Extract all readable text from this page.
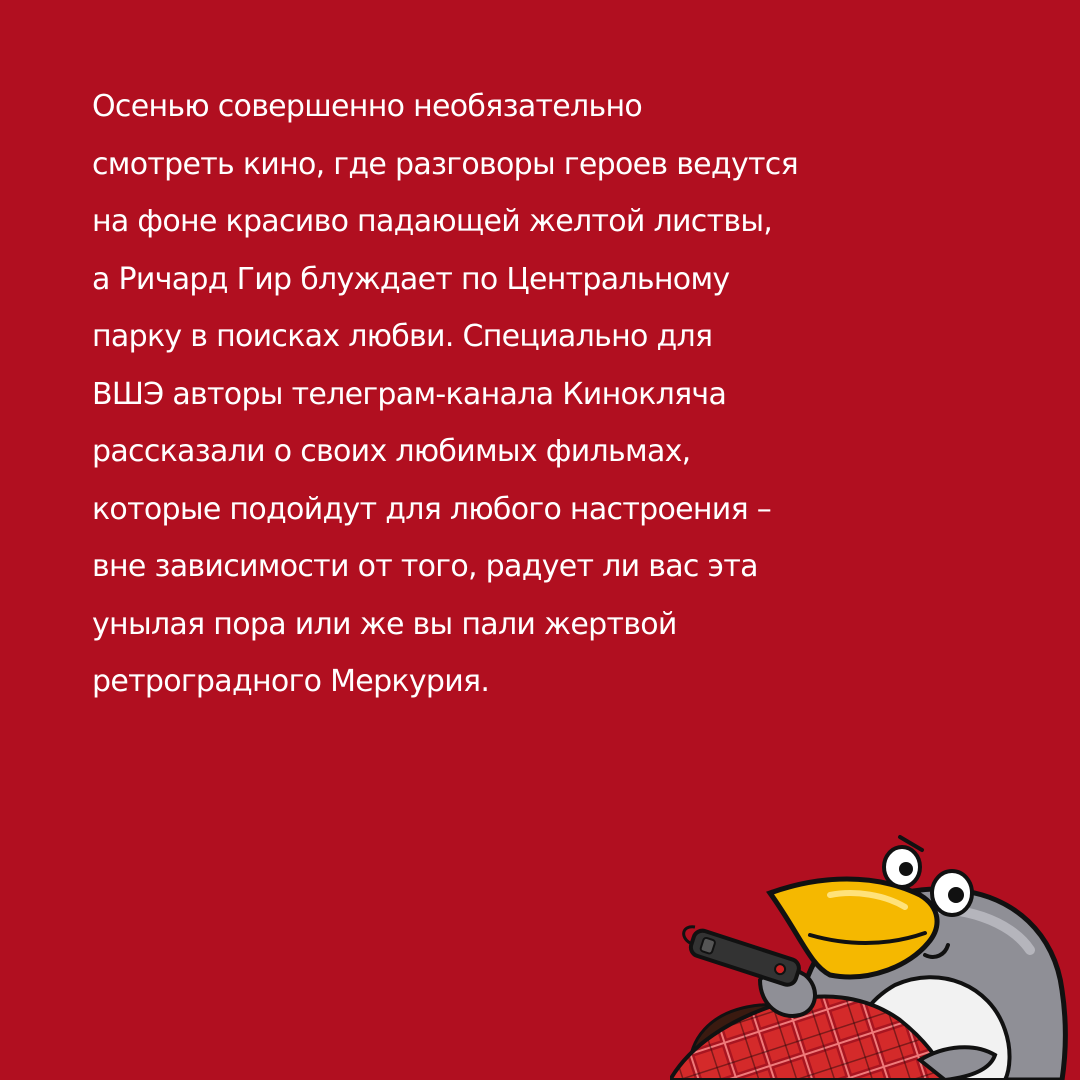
Осенью совершенно необязательно
смотреть кино, где разговоры героев ведутся
на фоне красиво падающей желтой листвы,
а Ричард Гир блуждает по Центральному
парку в поисках любви. Специально для
ВШЭ авторы телеграм-канала Кинокляча
рассказали о своих любимых фильмах,
которые подойдут для любого настроения –
вне зависимости от того, радует ли вас эта
унылая пора или же вы пали жертвой
ретроградного Меркурия.
